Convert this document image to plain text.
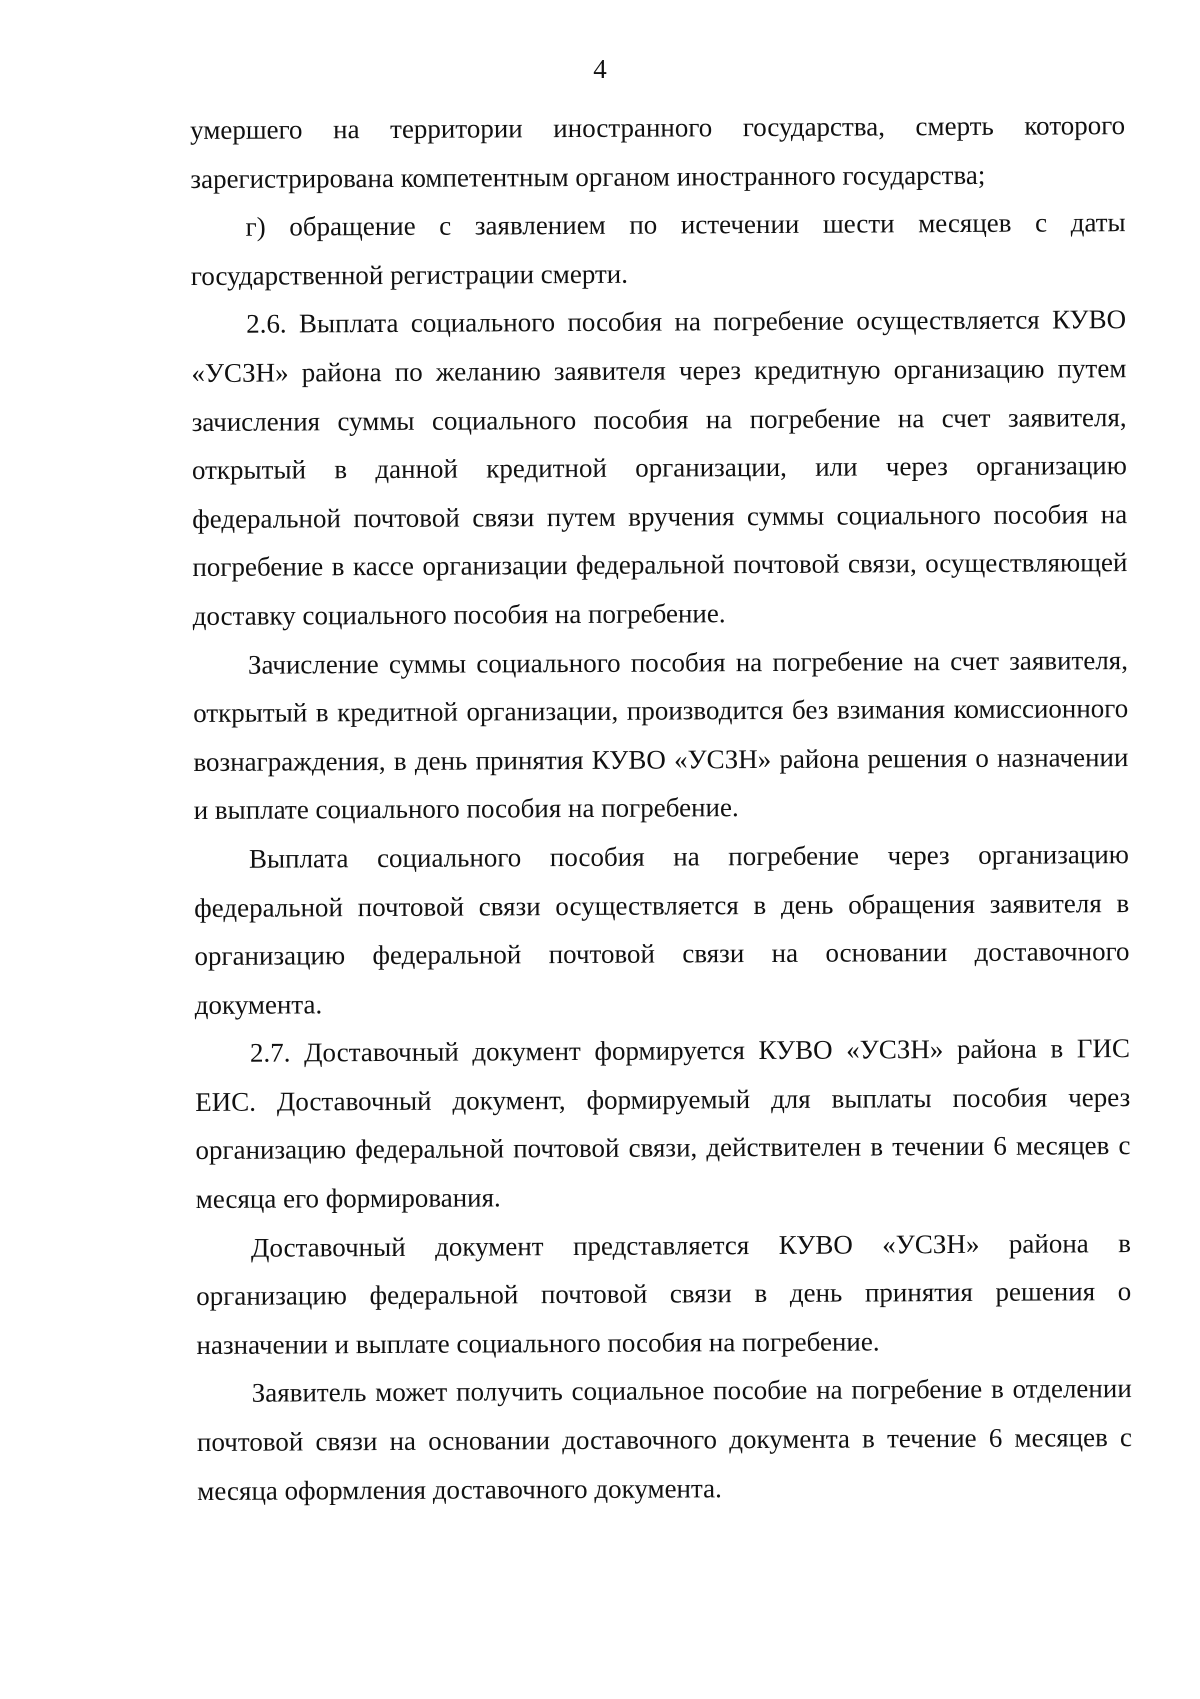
4

умершего на территории иностранного государства, смерть которого зарегистрирована компетентным органом иностранного государства;

г) обращение с заявлением по истечении шести месяцев с даты государственной регистрации смерти.

2.6. Выплата социального пособия на погребение осуществляется КУВО «УСЗН» района по желанию заявителя через кредитную организацию путем зачисления суммы социального пособия на погребение на счет заявителя, открытый в данной кредитной организации, или через организацию федеральной почтовой связи путем вручения суммы социального пособия на погребение в кассе организации федеральной почтовой связи, осуществляющей доставку социального пособия на погребение.

Зачисление суммы социального пособия на погребение на счет заявителя, открытый в кредитной организации, производится без взимания комиссионного вознаграждения, в день принятия КУВО «УСЗН» района решения о назначении и выплате социального пособия на погребение.

Выплата социального пособия на погребение через организацию федеральной почтовой связи осуществляется в день обращения заявителя в организацию федеральной почтовой связи на основании доставочного документа.

2.7. Доставочный документ формируется КУВО «УСЗН» района в ГИС ЕИС. Доставочный документ, формируемый для выплаты пособия через организацию федеральной почтовой связи, действителен в течении 6 месяцев с месяца его формирования.

Доставочный документ представляется КУВО «УСЗН» района в организацию федеральной почтовой связи в день принятия решения о назначении и выплате социального пособия на погребение.

Заявитель может получить социальное пособие на погребение в отделении почтовой связи на основании доставочного документа в течение 6 месяцев с месяца оформления доставочного документа.
